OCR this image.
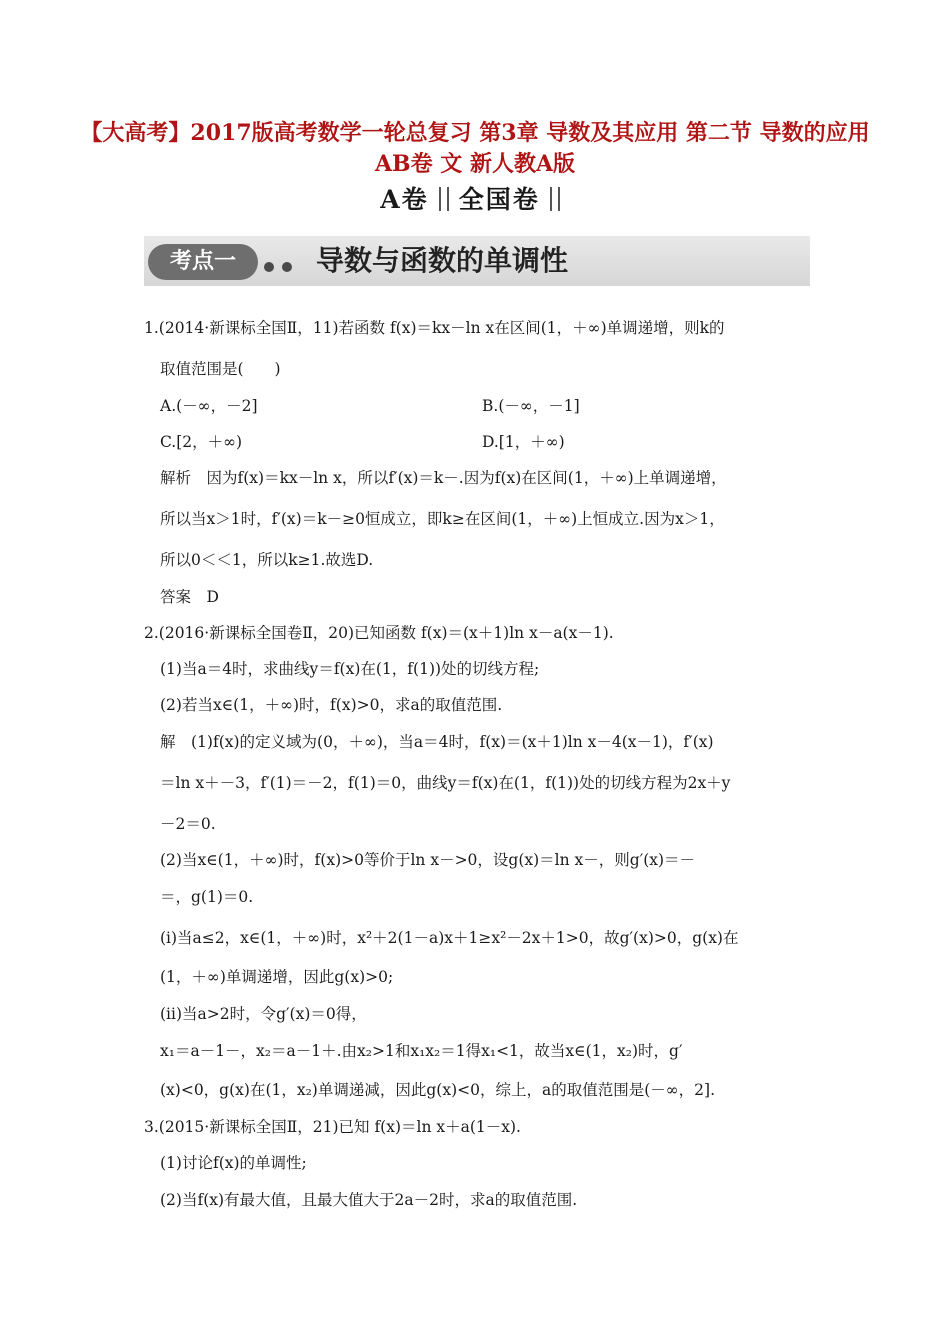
【大高考】2017版高考数学一轮总复习 第3章 导数及其应用 第二节 导数的应用AB卷 文 新人教A版
A卷 全国卷
考点一	导数与函数的单调性
1.(2014·新课标全国Ⅱ，11)若函数 f(x)＝kx－ln x在区间(1，＋∞)单调递增，则k的
取值范围是(　　)
A.(－∞，－2]	B.(－∞，－1]
C.[2，＋∞)	D.[1，＋∞)
解析　因为f(x)＝kx－ln x，所以f′(x)＝k－.因为f(x)在区间(1，＋∞)上单调递增，
所以当x＞1时，f′(x)＝k－≥0恒成立，即k≥在区间(1，＋∞)上恒成立.因为x＞1，
所以0＜＜1，所以k≥1.故选D.
答案　D
2.(2016·新课标全国卷Ⅱ，20)已知函数 f(x)＝(x＋1)ln x－a(x－1).
(1)当a＝4时，求曲线y＝f(x)在(1，f(1))处的切线方程;
(2)若当x∈(1，＋∞)时，f(x)>0，求a的取值范围.
解　(1)f(x)的定义域为(0，＋∞)，当a＝4时，f(x)＝(x＋1)ln x－4(x－1)，f′(x)
＝ln x＋－3，f′(1)＝－2，f(1)＝0，曲线y＝f(x)在(1，f(1))处的切线方程为2x＋y
－2＝0.
(2)当x∈(1，＋∞)时，f(x)>0等价于ln x－>0，设g(x)＝ln x－，则g′(x)＝－
＝，g(1)＝0.
(ⅰ)当a≤2，x∈(1，＋∞)时，x²＋2(1－a)x＋1≥x²－2x＋1>0，故g′(x)>0，g(x)在
(1，＋∞)单调递增，因此g(x)>0;
(ⅱ)当a>2时，令g′(x)＝0得，
x₁＝a－1－，x₂＝a－1＋.由x₂>1和x₁x₂＝1得x₁<1，故当x∈(1，x₂)时，g′
(x)<0，g(x)在(1，x₂)单调递减，因此g(x)<0，综上，a的取值范围是(－∞，2].
3.(2015·新课标全国Ⅱ，21)已知 f(x)＝ln x＋a(1－x).
(1)讨论f(x)的单调性;
(2)当f(x)有最大值，且最大值大于2a－2时，求a的取值范围.
